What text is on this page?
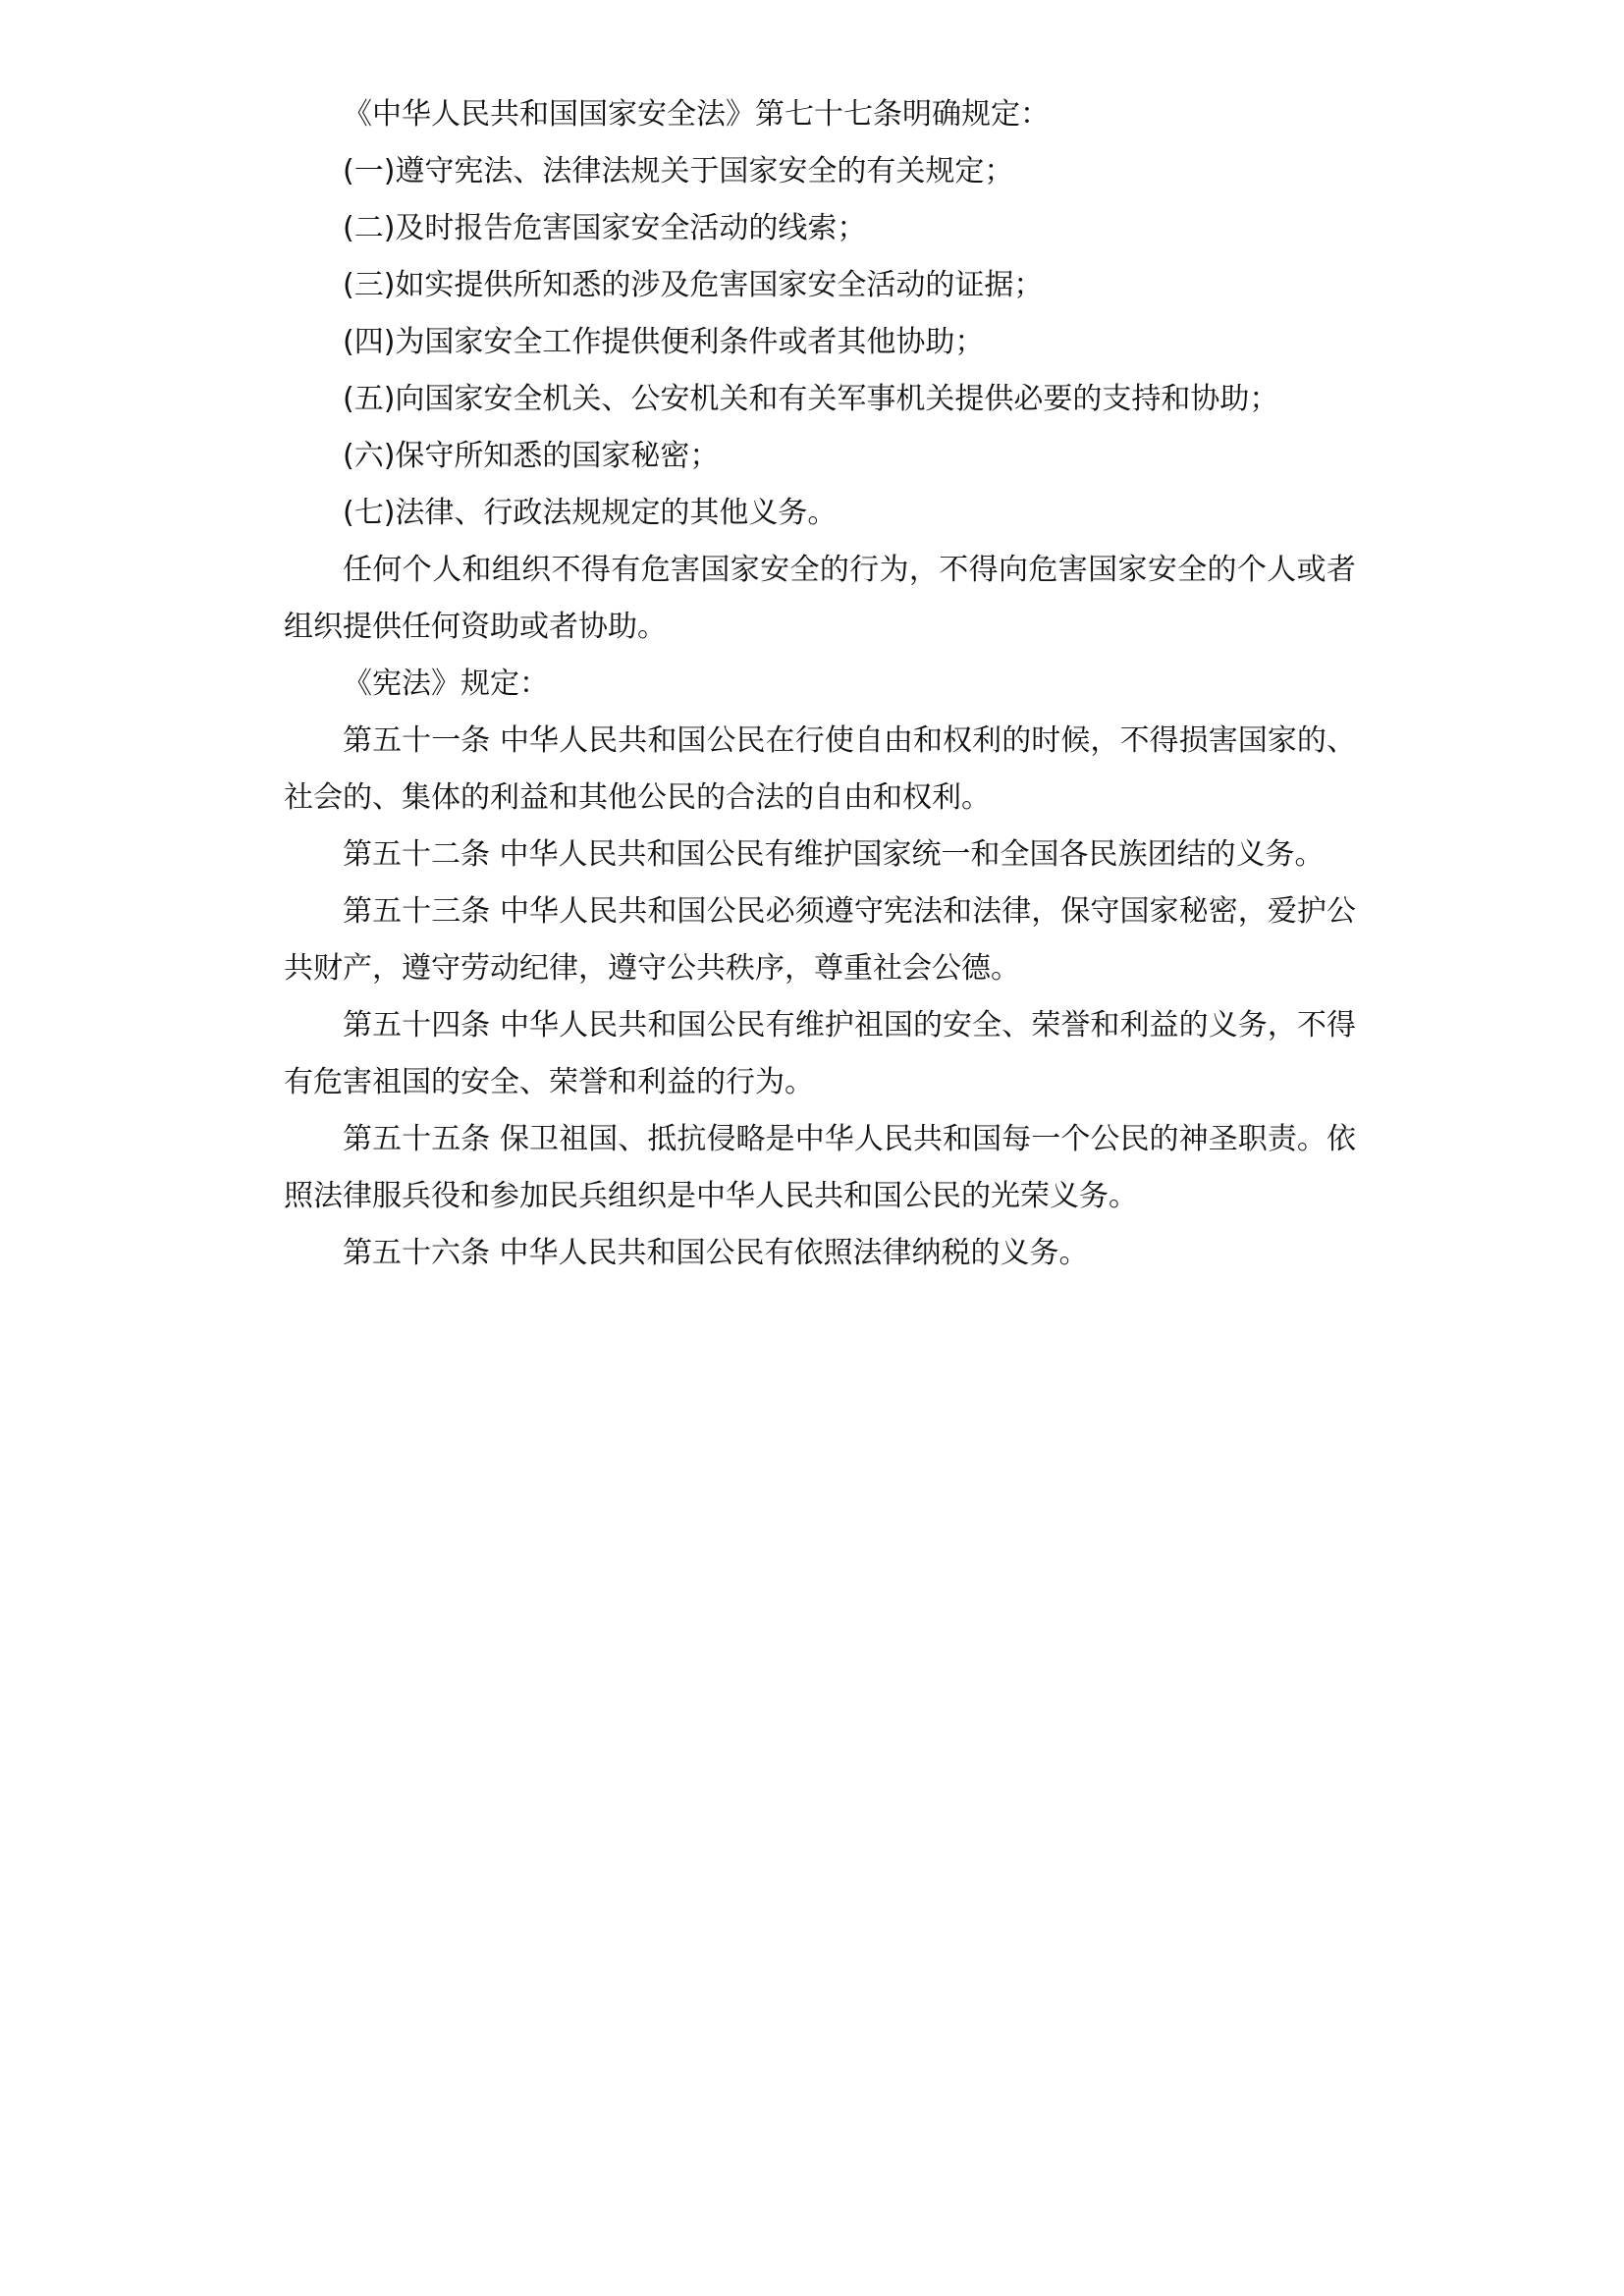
《中华人民共和国国家安全法》第七十七条明确规定：

(一)遵守宪法、法律法规关于国家安全的有关规定；

(二)及时报告危害国家安全活动的线索；

(三)如实提供所知悉的涉及危害国家安全活动的证据；

(四)为国家安全工作提供便利条件或者其他协助；

(五)向国家安全机关、公安机关和有关军事机关提供必要的支持和协助；

(六)保守所知悉的国家秘密；

(七)法律、行政法规规定的其他义务。

任何个人和组织不得有危害国家安全的行为，不得向危害国家安全的个人或者组织提供任何资助或者协助。

《宪法》规定：

第五十一条 中华人民共和国公民在行使自由和权利的时候，不得损害国家的、社会的、集体的利益和其他公民的合法的自由和权利。

第五十二条 中华人民共和国公民有维护国家统一和全国各民族团结的义务。

第五十三条 中华人民共和国公民必须遵守宪法和法律，保守国家秘密，爱护公共财产，遵守劳动纪律，遵守公共秩序，尊重社会公德。

第五十四条 中华人民共和国公民有维护祖国的安全、荣誉和利益的义务，不得有危害祖国的安全、荣誉和利益的行为。

第五十五条 保卫祖国、抵抗侵略是中华人民共和国每一个公民的神圣职责。依照法律服兵役和参加民兵组织是中华人民共和国公民的光荣义务。

第五十六条 中华人民共和国公民有依照法律纳税的义务。
